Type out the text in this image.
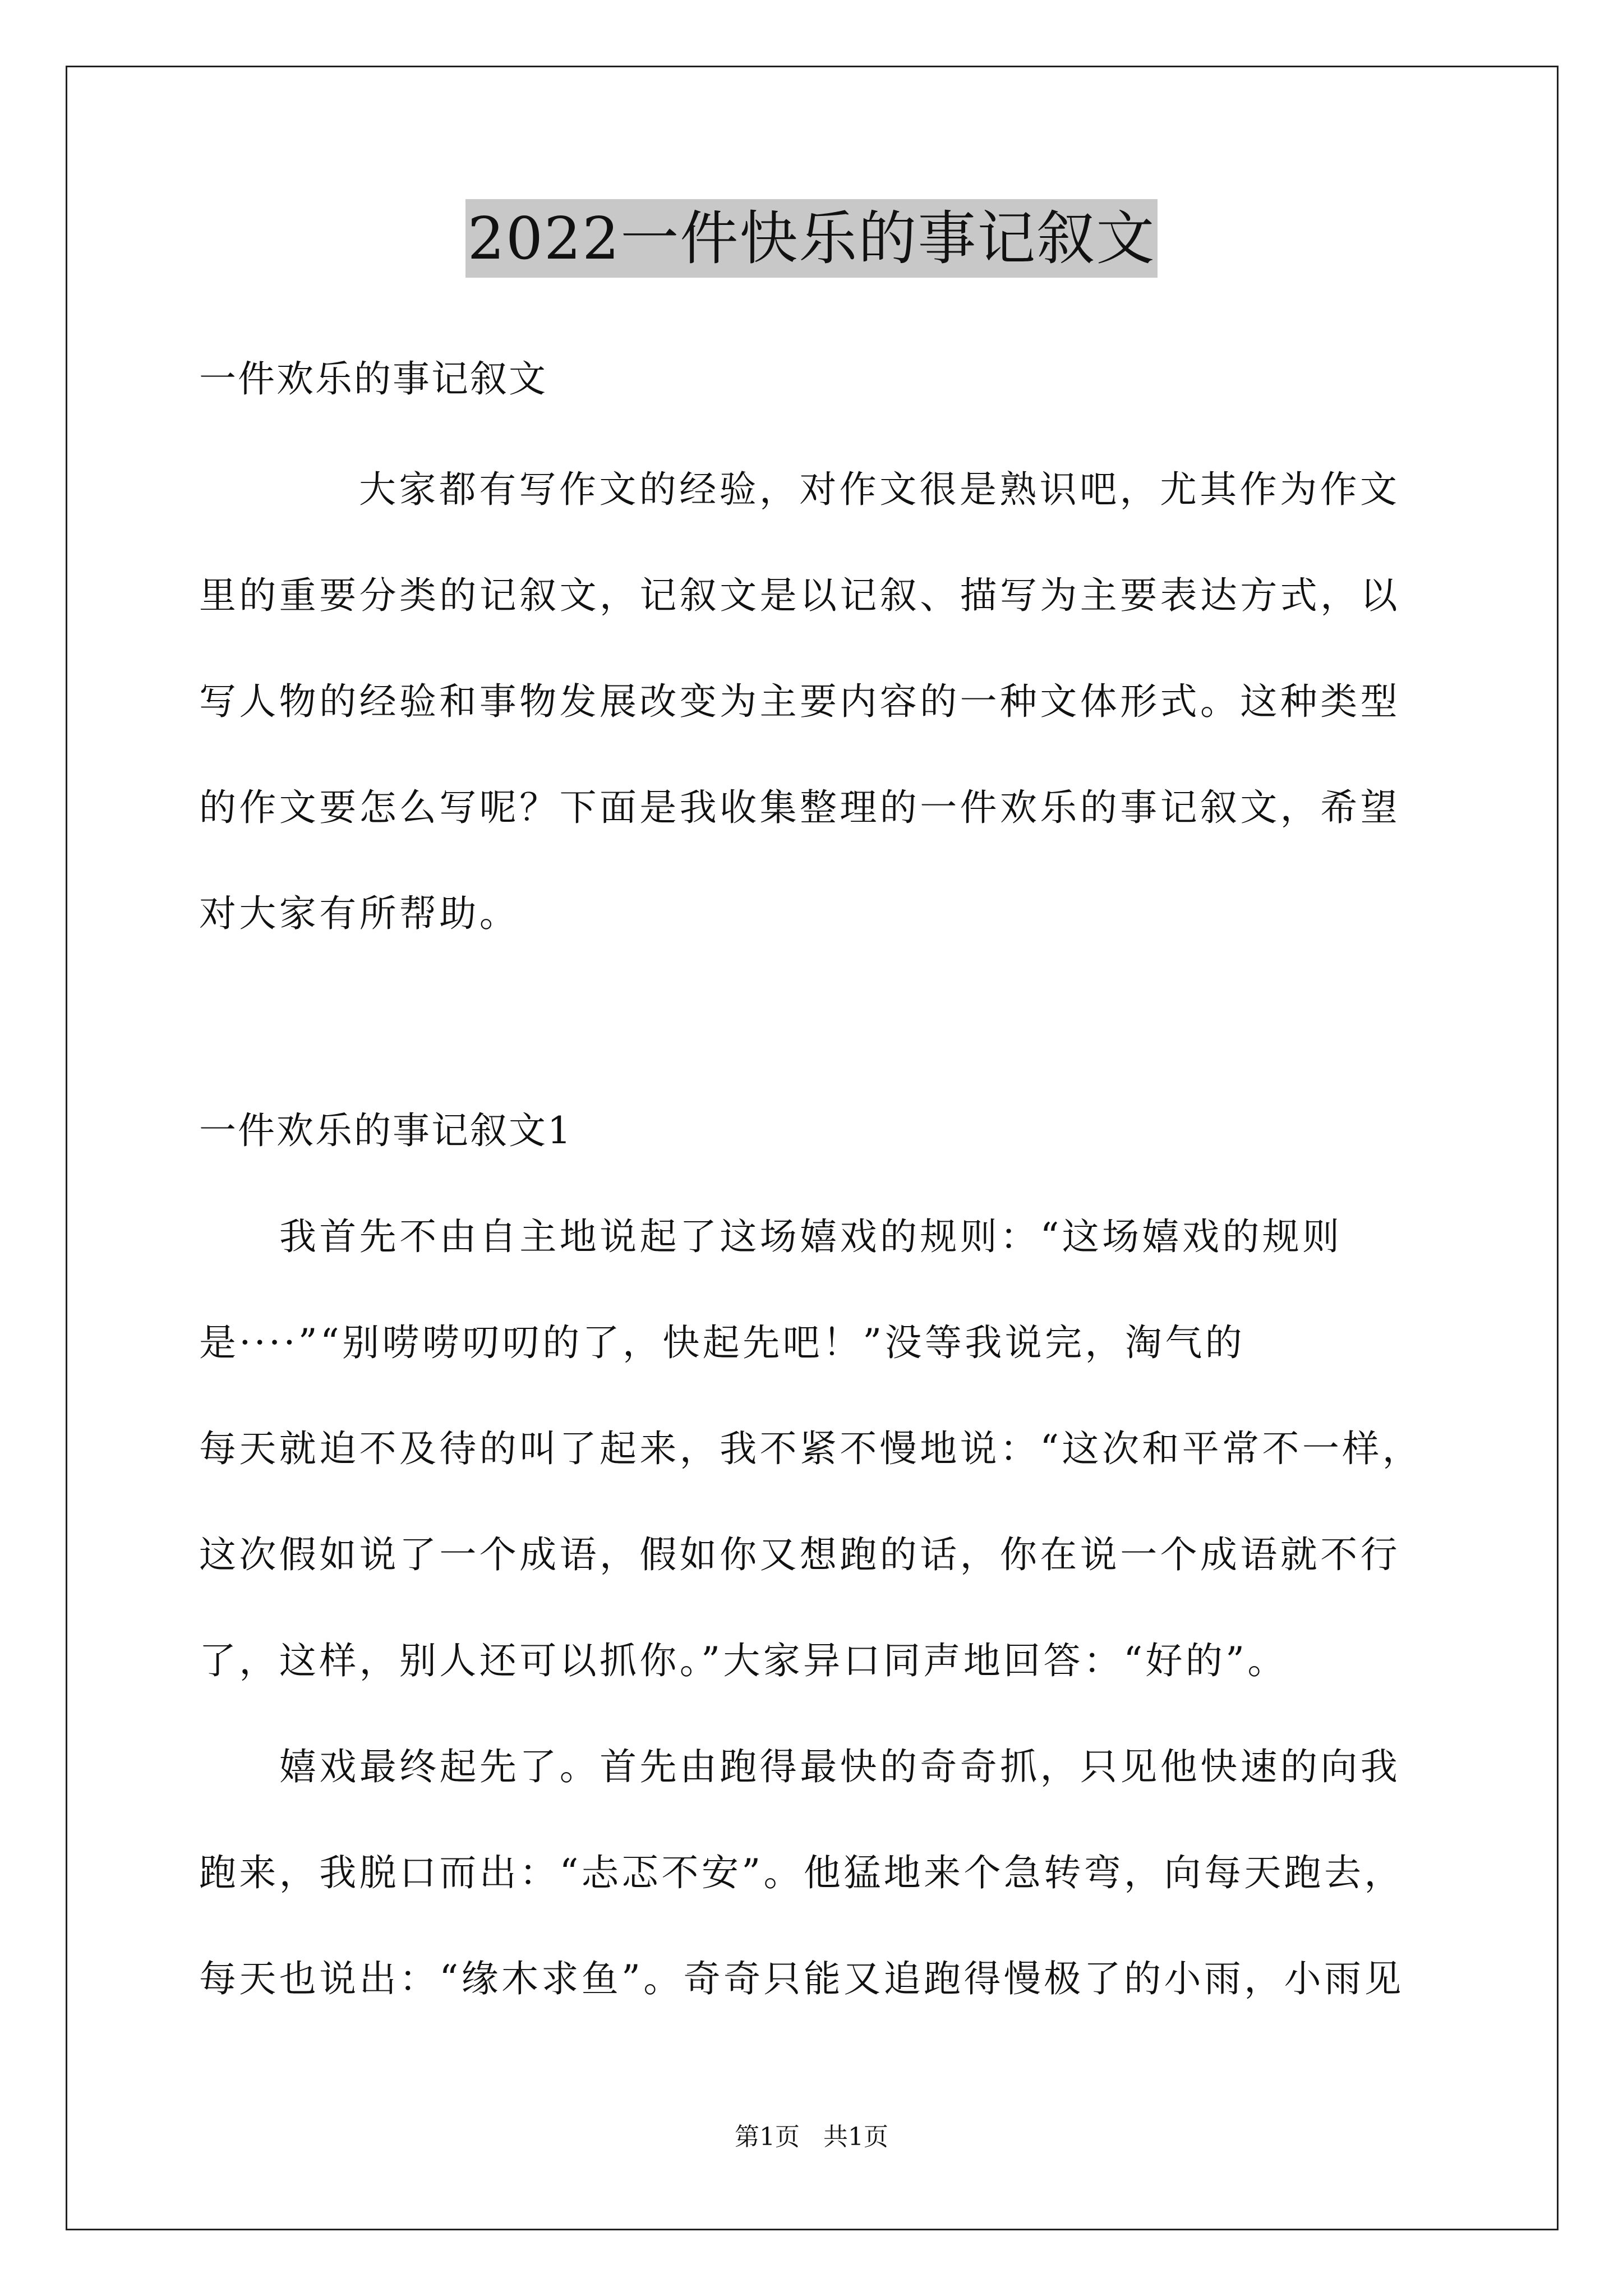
2022一件快乐的事记叙文
一件欢乐的事记叙文
大家都有写作文的经验，对作文很是熟识吧，尤其作为作文
里的重要分类的记叙文，记叙文是以记叙、描写为主要表达方式，以
写人物的经验和事物发展改变为主要内容的一种文体形式。这种类型
的作文要怎么写呢？下面是我收集整理的一件欢乐的事记叙文，希望
对大家有所帮助。
一件欢乐的事记叙文1
我首先不由自主地说起了这场嬉戏的规则：“这场嬉戏的规则
是····”“别唠唠叨叨的了，快起先吧！”没等我说完，淘气的
每天就迫不及待的叫了起来，我不紧不慢地说：“这次和平常不一样，
这次假如说了一个成语，假如你又想跑的话，你在说一个成语就不行
了，这样，别人还可以抓你。”大家异口同声地回答：“好的”。
嬉戏最终起先了。首先由跑得最快的奇奇抓，只见他快速的向我
跑来，我脱口而出：“忐忑不安”。他猛地来个急转弯，向每天跑去，
每天也说出：“缘木求鱼”。奇奇只能又追跑得慢极了的小雨，小雨见
第1页 共1页
